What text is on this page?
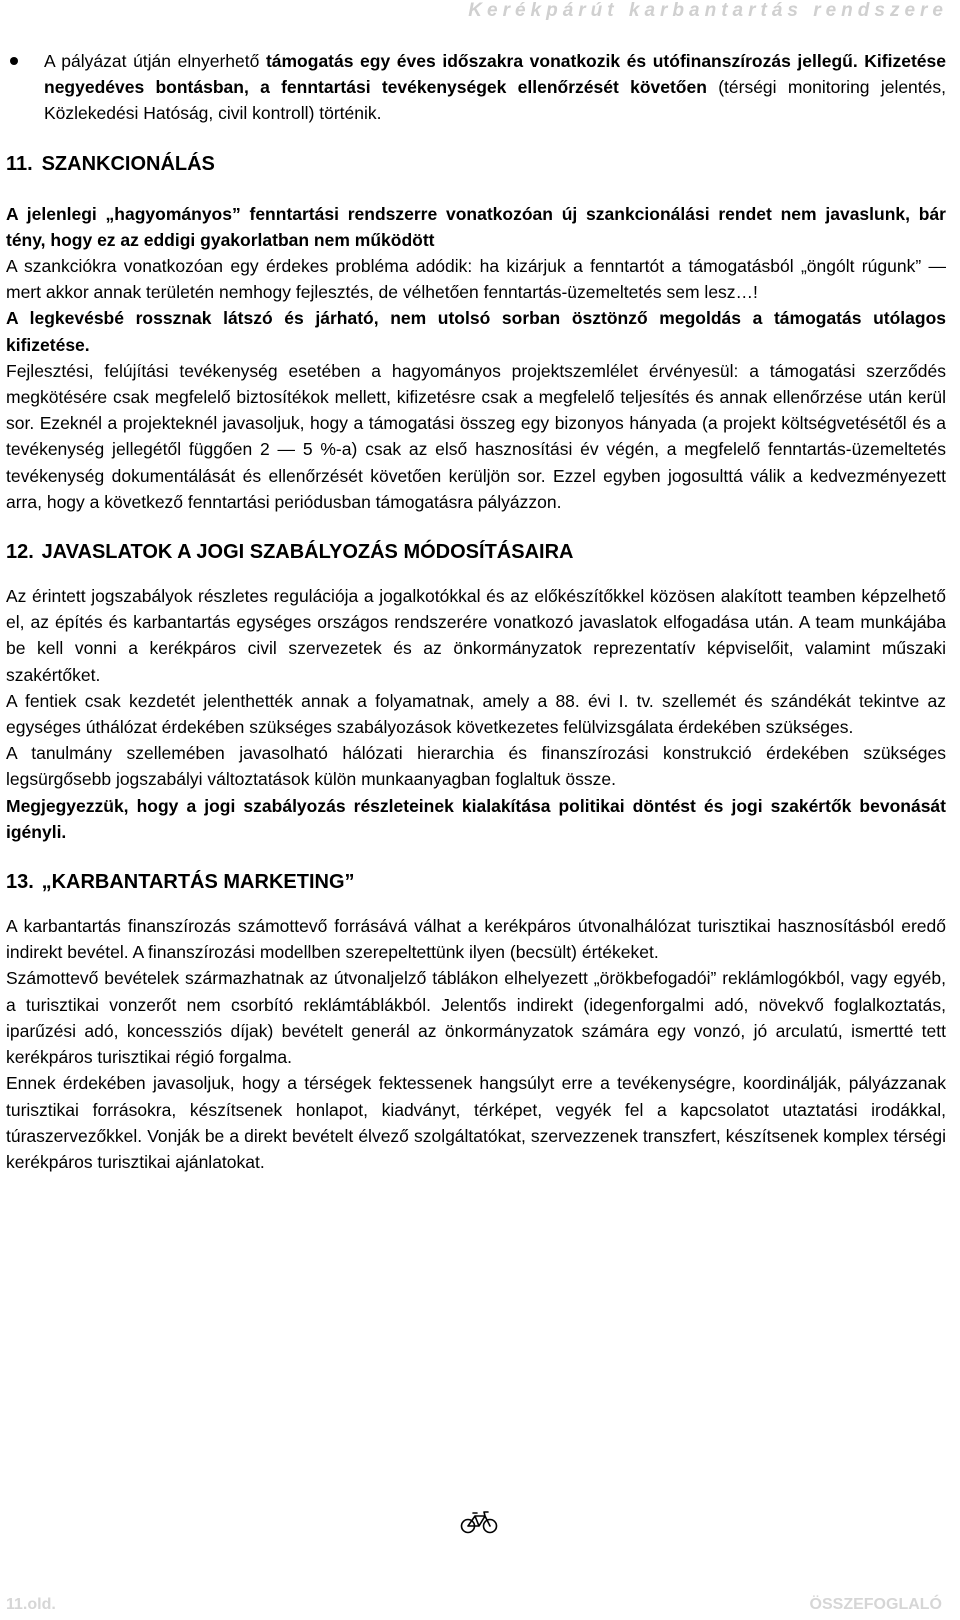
Kerékpárút karbantartás rendszere

A pályázat útján elnyerhető támogatás egy éves időszakra vonatkozik és utófinanszírozás jellegű. Kifizetése negyedéves bontásban, a fenntartási tevékenységek ellenőrzését követően (térségi monitoring jelentés, Közlekedési Hatóság, civil kontroll) történik.

11. SZANKCIONÁLÁS

A jelenlegi „hagyományos” fenntartási rendszerre vonatkozóan új szankcionálási rendet nem javaslunk, bár tény, hogy ez az eddigi gyakorlatban nem működött

A szankciókra vonatkozóan egy érdekes probléma adódik: ha kizárjuk a fenntartót a támogatásból „öngólt rúgunk” — mert akkor annak területén nemhogy fejlesztés, de vélhetően fenntartás-üzemeltetés sem lesz…!

A legkevésbé rossznak látszó és járható, nem utolsó sorban ösztönző megoldás a támogatás utólagos kifizetése.

Fejlesztési, felújítási tevékenység esetében a hagyományos projektszemlélet érvényesül: a támogatási szerződés megkötésére csak megfelelő biztosítékok mellett, kifizetésre csak a megfelelő teljesítés és annak ellenőrzése után kerül sor. Ezeknél a projekteknél javasoljuk, hogy a támogatási összeg egy bizonyos hányada (a projekt költségvetésétől és a tevékenység jellegétől függően 2 — 5 %-a) csak az első hasznosítási év végén, a megfelelő fenntartás-üzemeltetés tevékenység dokumentálását és ellenőrzését követően kerüljön sor. Ezzel egyben jogosulttá válik a kedvezményezett arra, hogy a következő fenntartási periódusban támogatásra pályázzon.

12. JAVASLATOK A JOGI SZABÁLYOZÁS MÓDOSÍTÁSAIRA

Az érintett jogszabályok részletes regulációja a jogalkotókkal és az előkészítőkkel közösen alakított teamben képzelhető el, az építés és karbantartás egységes országos rendszerére vonatkozó javaslatok elfogadása után. A team munkájába be kell vonni a kerékpáros civil szervezetek és az önkormányzatok reprezentatív képviselőit, valamint műszaki szakértőket.

A fentiek csak kezdetét jelenthették annak a folyamatnak, amely a 88. évi I. tv. szellemét és szándékát tekintve az egységes úthálózat érdekében szükséges szabályozások következetes felülvizsgálata érdekében szükséges.

A tanulmány szellemében javasolható hálózati hierarchia és finanszírozási konstrukció érdekében szükséges legsürgősebb jogszabályi változtatások külön munkaanyagban foglaltuk össze.

Megjegyezzük, hogy a jogi szabályozás részleteinek kialakítása politikai döntést és jogi szakértők bevonását igényli.

13. „KARBANTARTÁS MARKETING”

A karbantartás finanszírozás számottevő forrásává válhat a kerékpáros útvonalhálózat turisztikai hasznosításból eredő indirekt bevétel. A finanszírozási modellben szerepeltettünk ilyen (becsült) értékeket.

Számottevő bevételek származhatnak az útvonaljelző táblákon elhelyezett „örökbefogadói” reklámlogókból, vagy egyéb, a turisztikai vonzerőt nem csorbító reklámtáblákból. Jelentős indirekt (idegenforgalmi adó, növekvő foglalkoztatás, iparűzési adó, koncessziós díjak) bevételt generál az önkormányzatok számára egy vonzó, jó arculatú, ismertté tett kerékpáros turisztikai régió forgalma.

Ennek érdekében javasoljuk, hogy a térségek fektessenek hangsúlyt erre a tevékenységre, koordinálják, pályázzanak turisztikai forrásokra, készítsenek honlapot, kiadványt, térképet, vegyék fel a kapcsolatot utaztatási irodákkal, túraszervezőkkel. Vonják be a direkt bevételt élvező szolgáltatókat, szervezzenek transzfert, készítsenek komplex térségi kerékpáros turisztikai ajánlatokat.

11.old.	ÖSSZEFOGLALÓ
